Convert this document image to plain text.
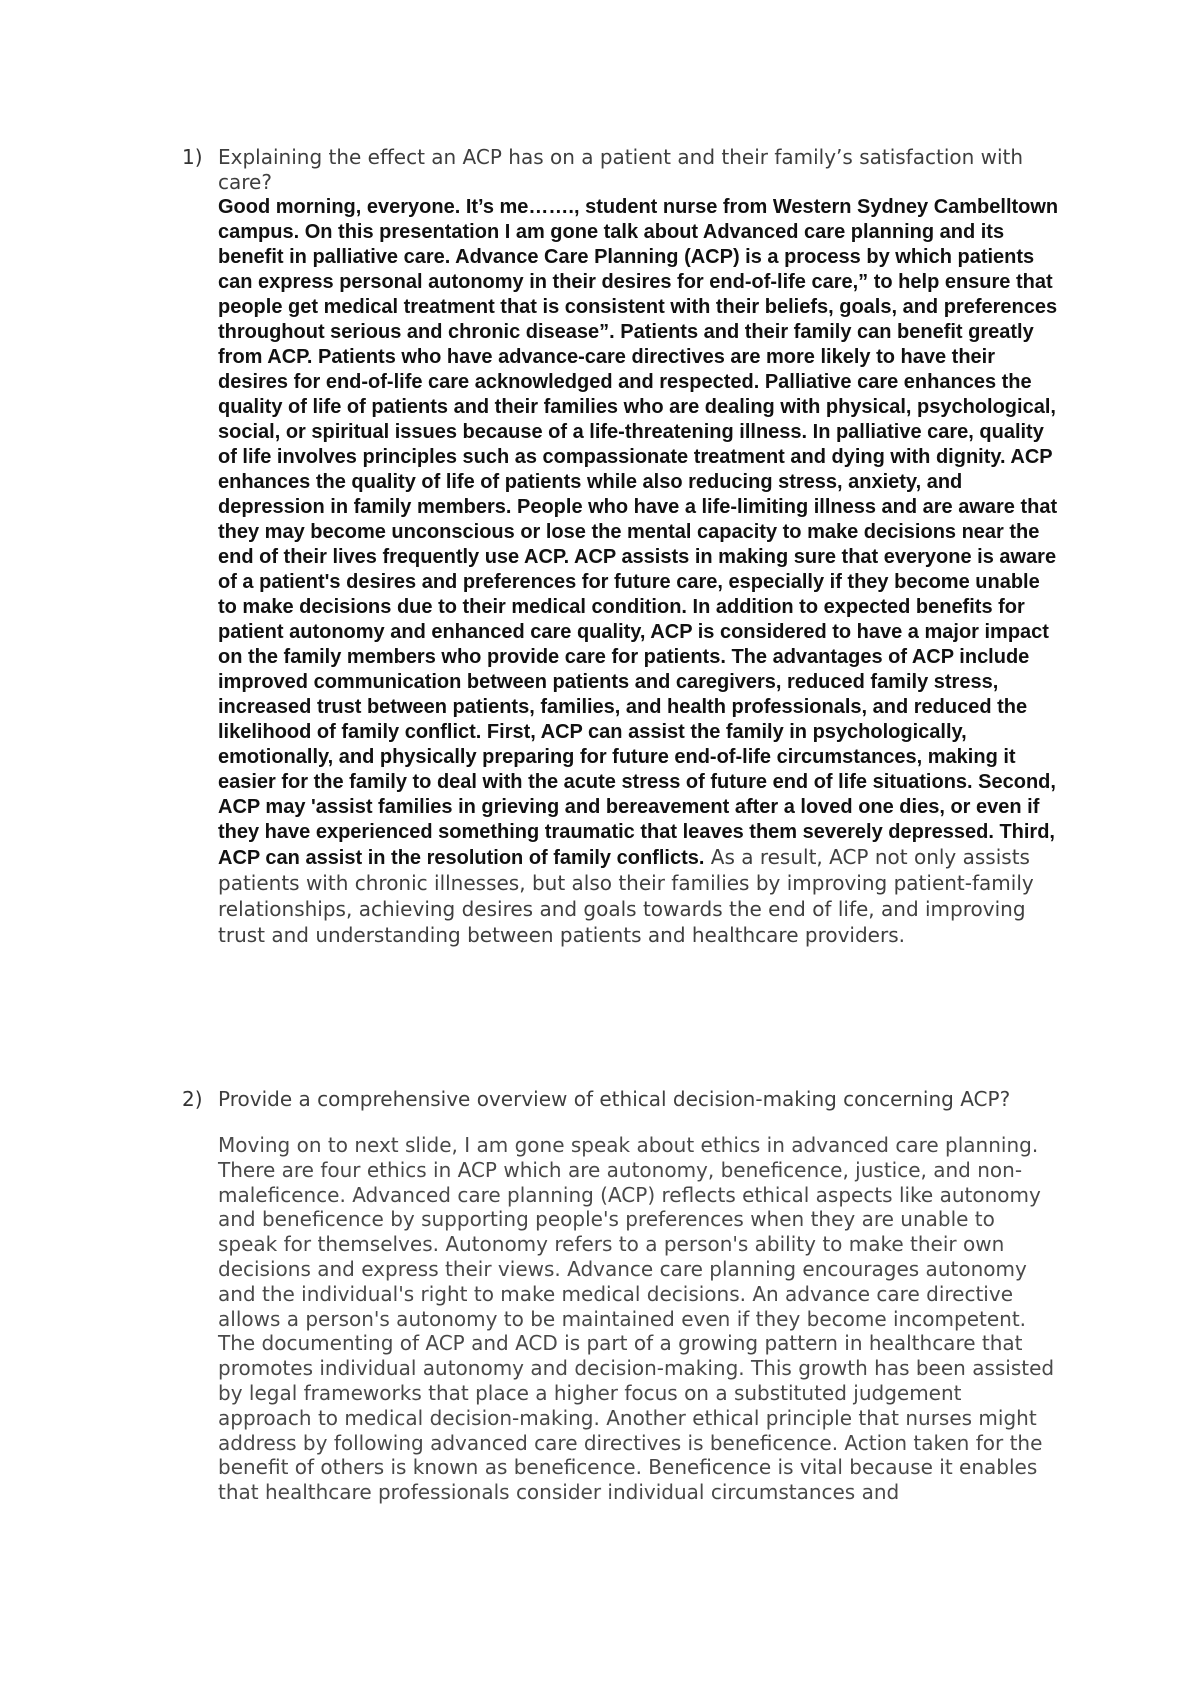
1) Explaining the effect an ACP has on a patient and their family’s satisfaction with care?

Good morning, everyone. It’s me……., student nurse from Western Sydney Cambelltown campus. On this presentation I am gone talk about Advanced care planning and its benefit in palliative care. Advance Care Planning (ACP) is a process by which patients can express personal autonomy in their desires for end-of-life care,” to help ensure that people get medical treatment that is consistent with their beliefs, goals, and preferences throughout serious and chronic disease”. Patients and their family can benefit greatly from ACP. Patients who have advance-care directives are more likely to have their desires for end-of-life care acknowledged and respected. Palliative care enhances the quality of life of patients and their families who are dealing with physical, psychological, social, or spiritual issues because of a life-threatening illness. In palliative care, quality of life involves principles such as compassionate treatment and dying with dignity. ACP enhances the quality of life of patients while also reducing stress, anxiety, and depression in family members. People who have a life-limiting illness and are aware that they may become unconscious or lose the mental capacity to make decisions near the end of their lives frequently use ACP. ACP assists in making sure that everyone is aware of a patient's desires and preferences for future care, especially if they become unable to make decisions due to their medical condition. In addition to expected benefits for patient autonomy and enhanced care quality, ACP is considered to have a major impact on the family members who provide care for patients. The advantages of ACP include improved communication between patients and caregivers, reduced family stress, increased trust between patients, families, and health professionals, and reduced the likelihood of family conflict. First, ACP can assist the family in psychologically, emotionally, and physically preparing for future end-of-life circumstances, making it easier for the family to deal with the acute stress of future end of life situations. Second, ACP may 'assist families in grieving and bereavement after a loved one dies, or even if they have experienced something traumatic that leaves them severely depressed. Third, ACP can assist in the resolution of family conflicts. As a result, ACP not only assists patients with chronic illnesses, but also their families by improving patient-family relationships, achieving desires and goals towards the end of life, and improving trust and understanding between patients and healthcare providers.

2) Provide a comprehensive overview of ethical decision-making concerning ACP?

Moving on to next slide, I am gone speak about ethics in advanced care planning. There are four ethics in ACP which are autonomy, beneficence, justice, and non-maleficence. Advanced care planning (ACP) reflects ethical aspects like autonomy and beneficence by supporting people's preferences when they are unable to speak for themselves. Autonomy refers to a person's ability to make their own decisions and express their views. Advance care planning encourages autonomy and the individual's right to make medical decisions. An advance care directive allows a person's autonomy to be maintained even if they become incompetent. The documenting of ACP and ACD is part of a growing pattern in healthcare that promotes individual autonomy and decision-making. This growth has been assisted by legal frameworks that place a higher focus on a substituted judgement approach to medical decision-making. Another ethical principle that nurses might address by following advanced care directives is beneficence. Action taken for the benefit of others is known as beneficence. Beneficence is vital because it enables that healthcare professionals consider individual circumstances and
